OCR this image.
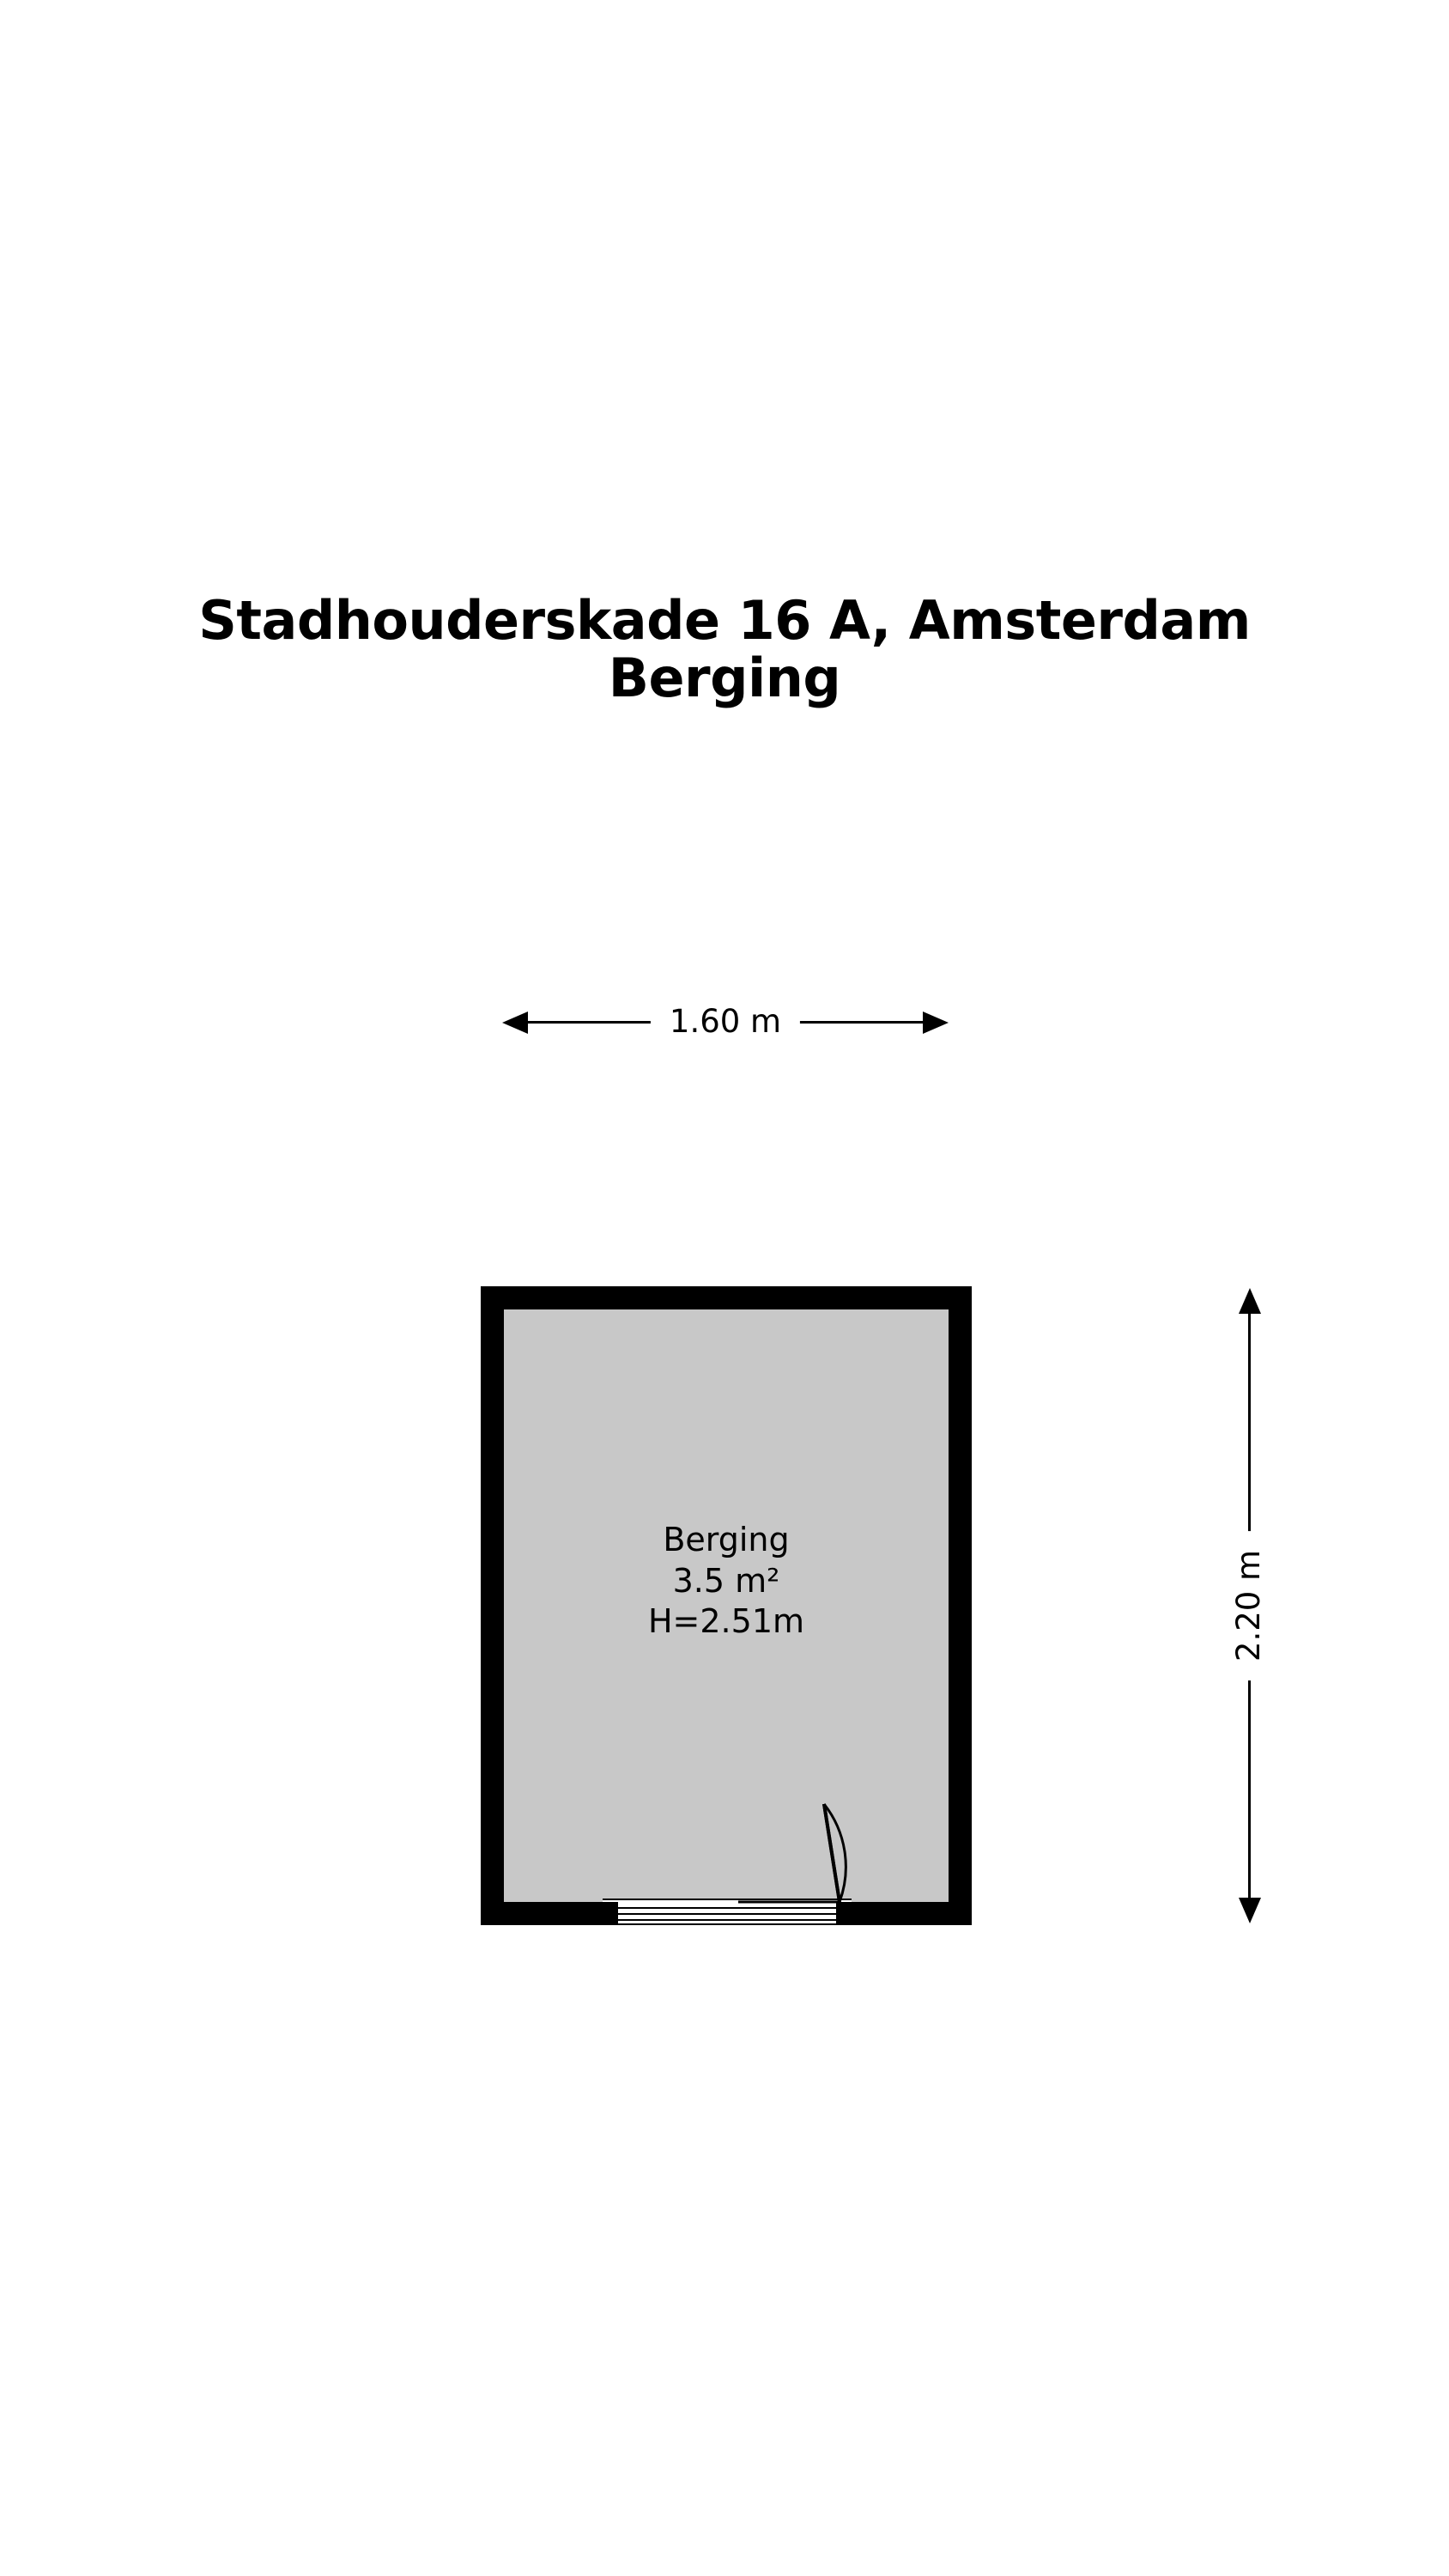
Stadhouderskade 16 A, Amsterdam
Berging
1.60 m
2.20 m
Berging
3.5 m²
H=2.51m
